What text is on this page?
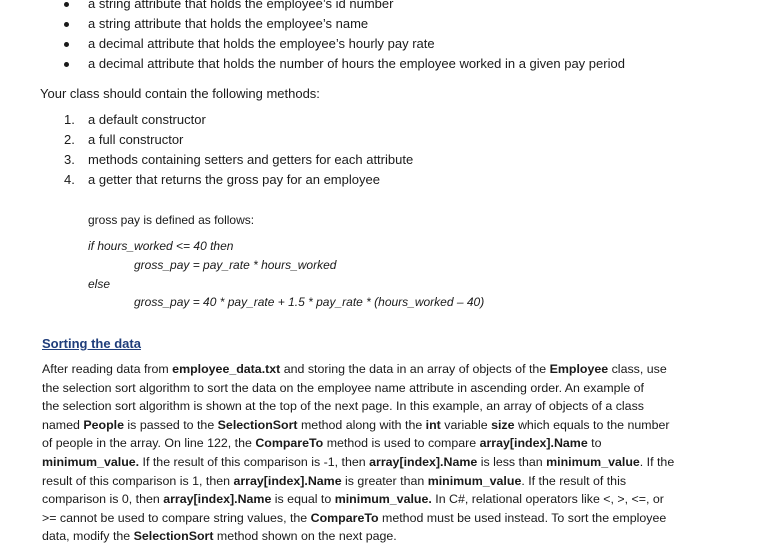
a string attribute that holds the employee’s id number
a string attribute that holds the employee’s name
a decimal attribute that holds the employee’s hourly pay rate
a decimal attribute that holds the number of hours the employee worked in a given pay period
Your class should contain the following methods:
1. a default constructor
2. a full constructor
3. methods containing setters and getters for each attribute
4. a getter that returns the gross pay for an employee
gross pay is defined as follows:
if hours_worked <= 40 then
gross_pay = pay_rate * hours_worked
else
gross_pay = 40 * pay_rate + 1.5 * pay_rate * (hours_worked – 40)
Sorting the data

After reading data from employee_data.txt and storing the data in an array of objects of the Employee class, use

the selection sort algorithm to sort the data on the employee name attribute in ascending order. An example of

the selection sort algorithm is shown at the top of the next page. In this example, an array of objects of a class

named People is passed to the SelectionSort method along with the int variable size which equals to the number

of people in the array. On line 122, the CompareTo method is used to compare array[index].Name to

minimum_value. If the result of this comparison is -1, then array[index].Name is less than minimum_value. If the

result of this comparison is 1, then array[index].Name is greater than minimum_value. If the result of this

comparison is 0, then array[index].Name is equal to minimum_value. In C#, relational operators like <, >, <=, or

>= cannot be used to compare string values, the CompareTo method must be used instead. To sort the employee

data, modify the SelectionSort method shown on the next page.
